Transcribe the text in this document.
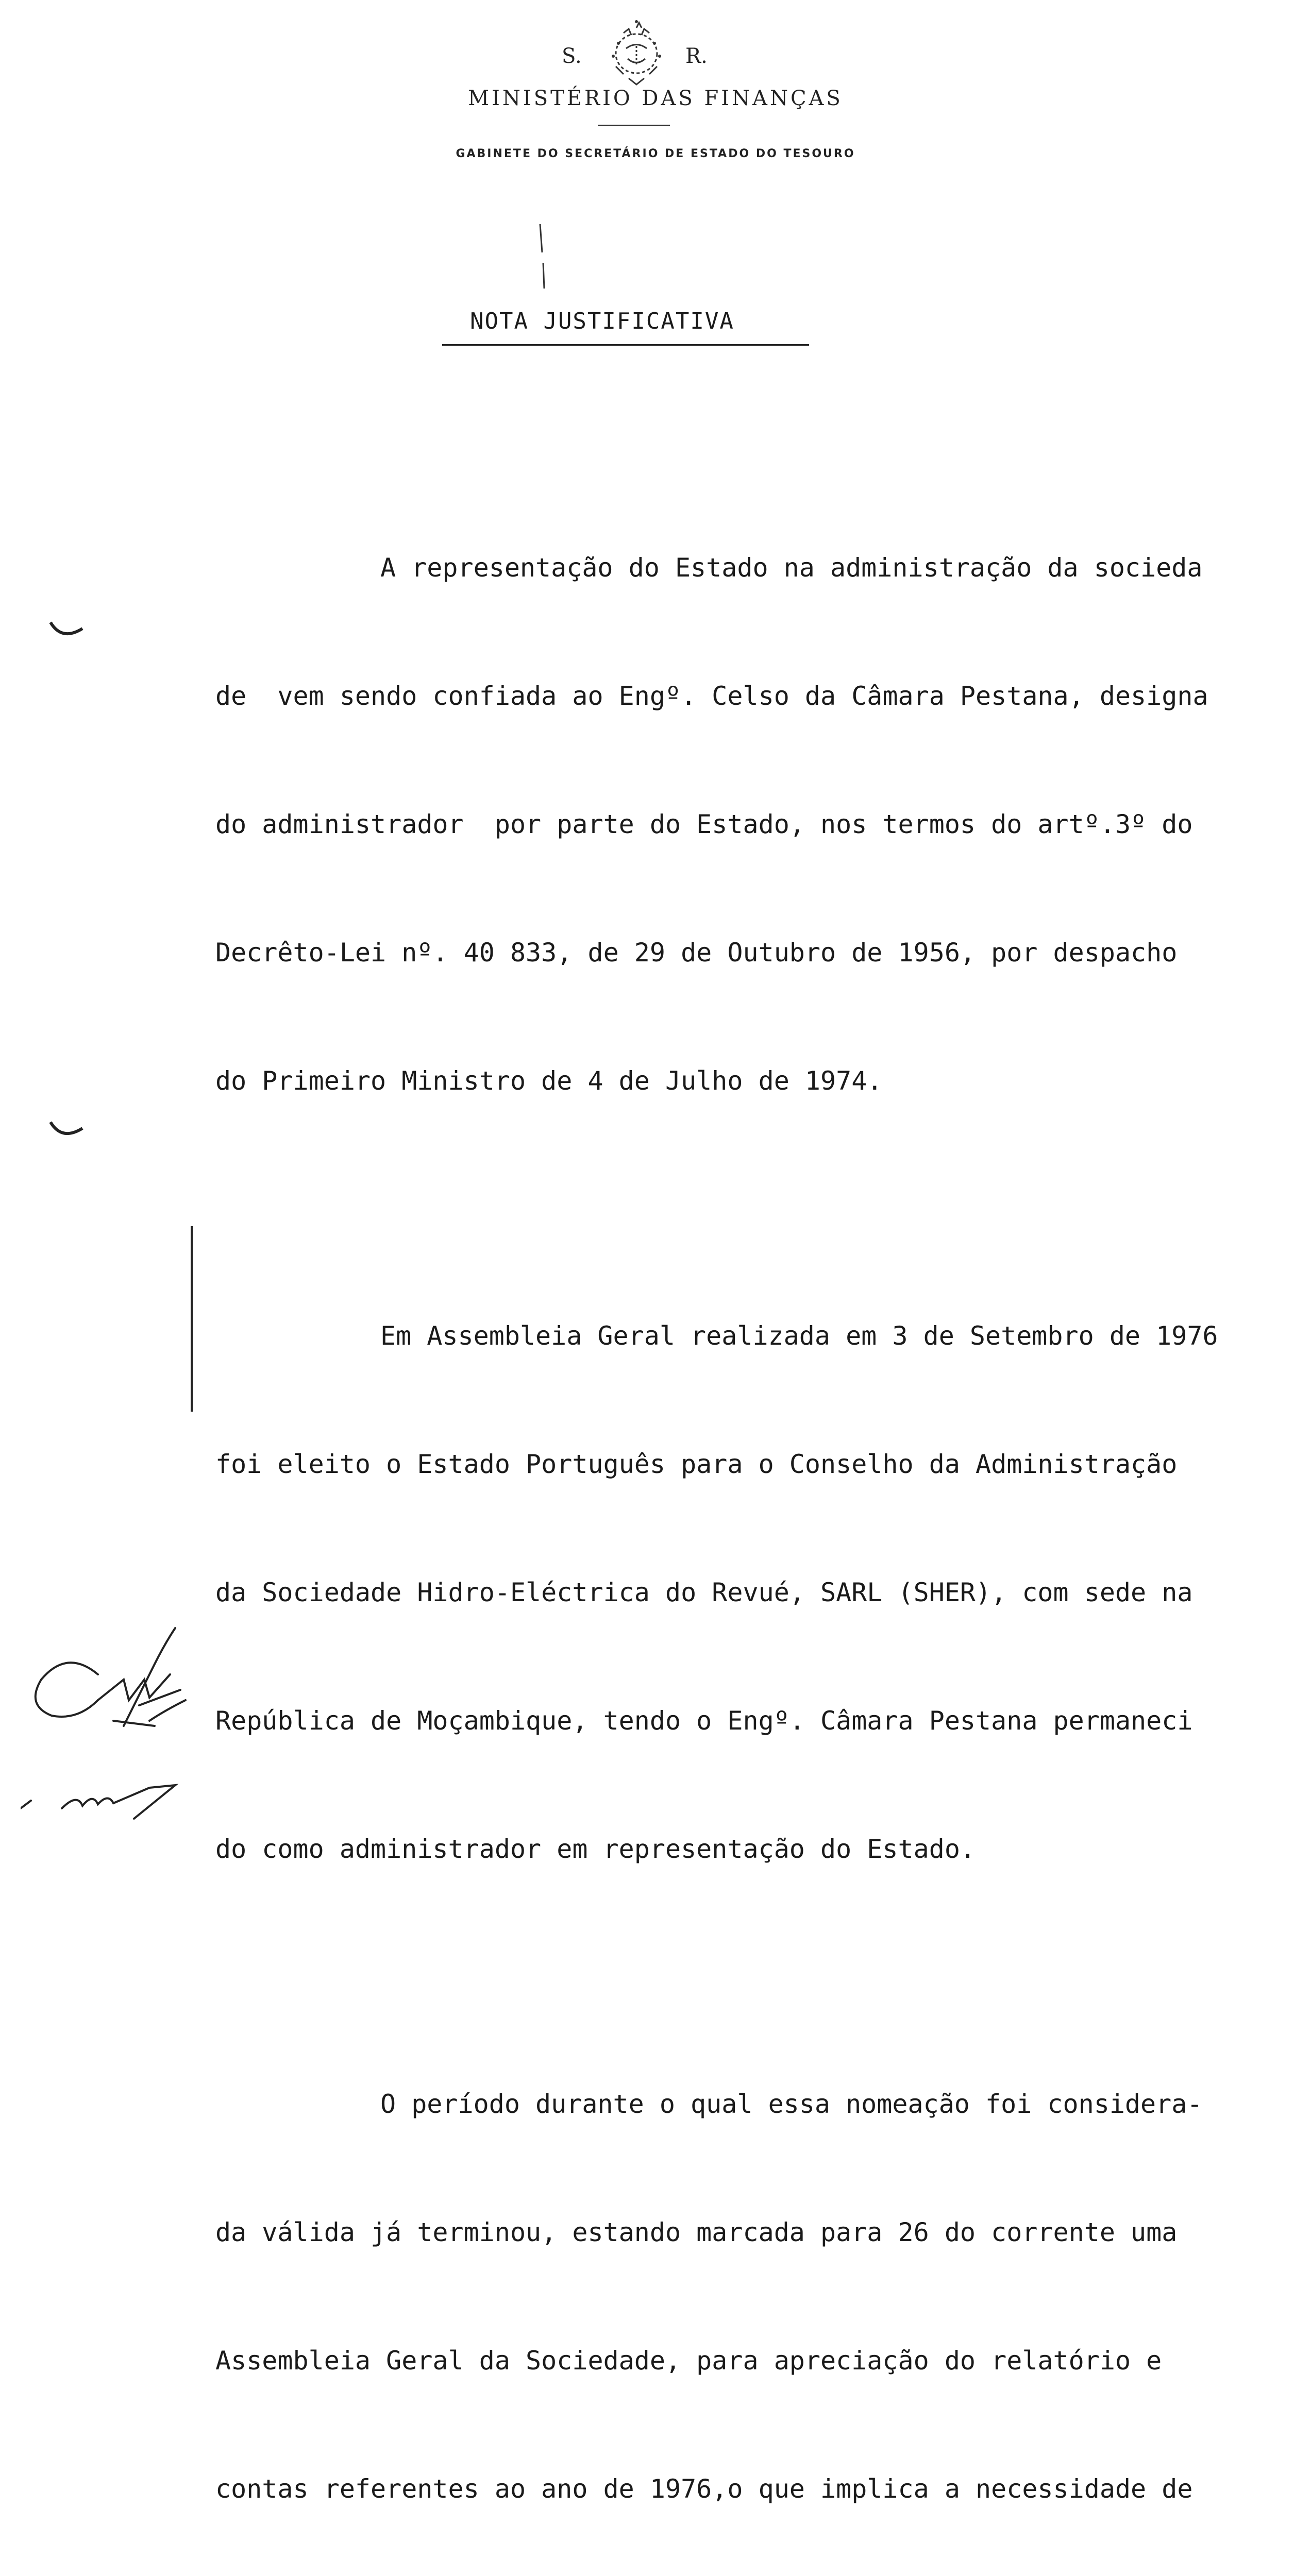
S.	R.
MINISTÉRIO DAS FINANÇAS
GABINETE DO SECRETÁRIO DE ESTADO DO TESOURO
NOTA JUSTIFICATIVA

A representação do Estado na administração da socieda

de  vem sendo confiada ao Engº. Celso da Câmara Pestana, designa

do administrador  por parte do Estado, nos termos do artº.3º do

Decrêto-Lei nº. 40 833, de 29 de Outubro de 1956, por despacho

do Primeiro Ministro de 4 de Julho de 1974.

Em Assembleia Geral realizada em 3 de Setembro de 1976

foi eleito o Estado Português para o Conselho da Administração

da Sociedade Hidro-Eléctrica do Revué, SARL (SHER), com sede na

República de Moçambique, tendo o Engº. Câmara Pestana permaneci

do como administrador em representação do Estado.

O período durante o qual essa nomeação foi considera-

da válida já terminou, estando marcada para 26 do corrente uma

Assembleia Geral da Sociedade, para apreciação do relatório e

contas referentes ao ano de 1976,o que implica a necessidade de
